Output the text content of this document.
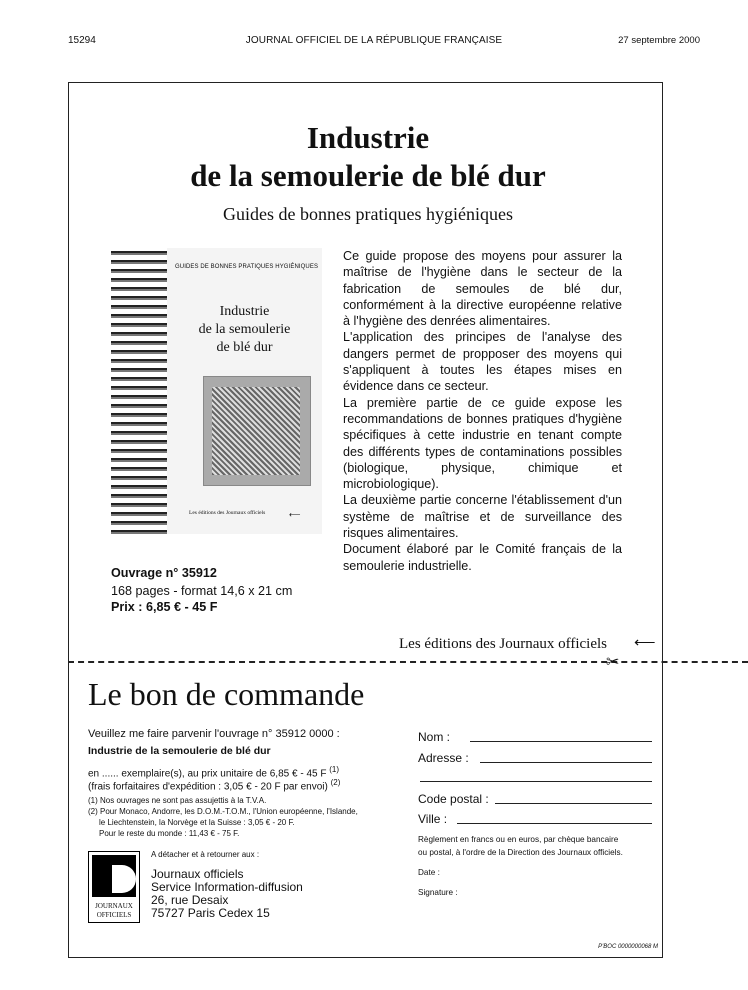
15294	JOURNAL OFFICIEL DE LA RÉPUBLIQUE FRANÇAISE	27 septembre 2000
Industrie
de la semoulerie de blé dur
Guides de bonnes pratiques hygiéniques
GUIDES DE BONNES PRATIQUES HYGIÉNIQUES
Industrie
de la semoulerie
de blé dur
Les éditions des Journaux officiels	⟵

Ce guide propose des moyens pour assurer la maîtrise de l'hygiène dans le secteur de la fabrication de semoules de blé dur, conformément à la directive européenne relative à l'hygiène des denrées alimentaires.

L'application des principes de l'analyse des dangers permet de propposer des moyens qui s'appliquent à toutes les étapes mises en évidence dans ce secteur.

La première partie de ce guide expose les recommandations de bonnes pratiques d'hygiène spécifiques à cette industrie en tenant compte des différents types de contaminations possibles (biologique, physique, chimique et microbiologique).

La deuxième partie concerne l'établissement d'un système de maîtrise et de surveillance des risques alimentaires.

Document élaboré par le Comité français de la semoulerie industrielle.

Ouvrage n° 35912
168 pages - format 14,6 x 21 cm
Prix : 6,85 € - 45 F
Les éditions des Journaux officiels ⟵
✂
Le bon de commande
Veuillez me faire parvenir l'ouvrage n° 35912 0000 :
Industrie de la semoulerie de blé dur
en ...... exemplaire(s), au prix unitaire de 6,85 € - 45 F $^{(1)}$
(frais forfaitaires d'expédition : 3,05 € - 20 F par envoi) $^{(2)}$
(1) Nos ouvrages ne sont pas assujettis à la T.V.A.
(2) Pour Monaco, Andorre, les D.O.M.-T.O.M., l'Union européenne, l'Islande,
le Liechtenstein, la Norvège et la Suisse : 3,05 € - 20 F.
Pour le reste du monde : 11,43 € - 75 F.
A détacher et à retourner aux :
JOURNAUX
OFFICIELS
Journaux officiels
Service Information-diffusion
26, rue Desaix
75727 Paris Cedex 15
Nom :
Adresse :
Code postal :
Ville :
Règlement en francs ou en euros, par chèque bancaire
ou postal, à l'ordre de la Direction des Journaux officiels.
Date :
Signature :
P'BOC 0000000068 M
